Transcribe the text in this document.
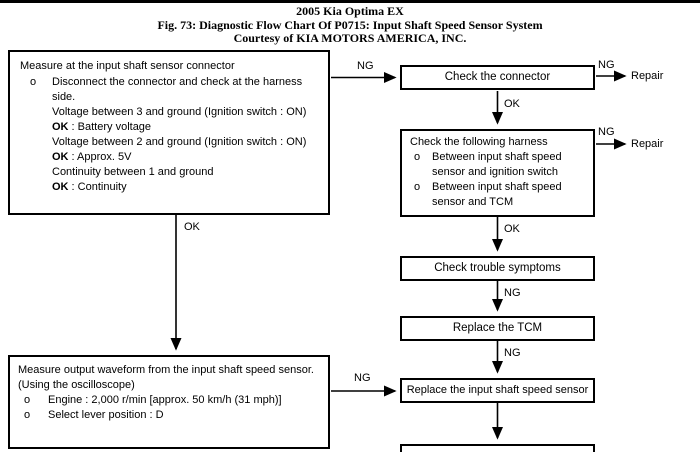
2005 Kia Optima EX
Fig. 73: Diagnostic Flow Chart Of P0715: Input Shaft Speed Sensor System
Courtesy of KIA MOTORS AMERICA, INC.
Measure at the input shaft sensor connector
o	Disconnect the connector and check at the harness side.
Voltage between 3 and ground (Ignition switch : ON)
OK : Battery voltage
Voltage between 2 and ground (Ignition switch : ON)
OK : Approx. 5V
Continuity between 1 and ground
OK : Continuity
Check the connector
Check the following harness
o	Between input shaft speed sensor and ignition switch
o	Between input shaft speed sensor and TCM
Check trouble symptoms
Replace the TCM
Replace the input shaft speed sensor
Measure output waveform from the input shaft speed sensor.
(Using the oscilloscope)
o	Engine : 2,000 r/min [approx. 50 km/h (31 mph)]
o	Select lever position : D
NG	NG
Repair
OK
NG
Repair
OK
NG
NG
OK
NG
